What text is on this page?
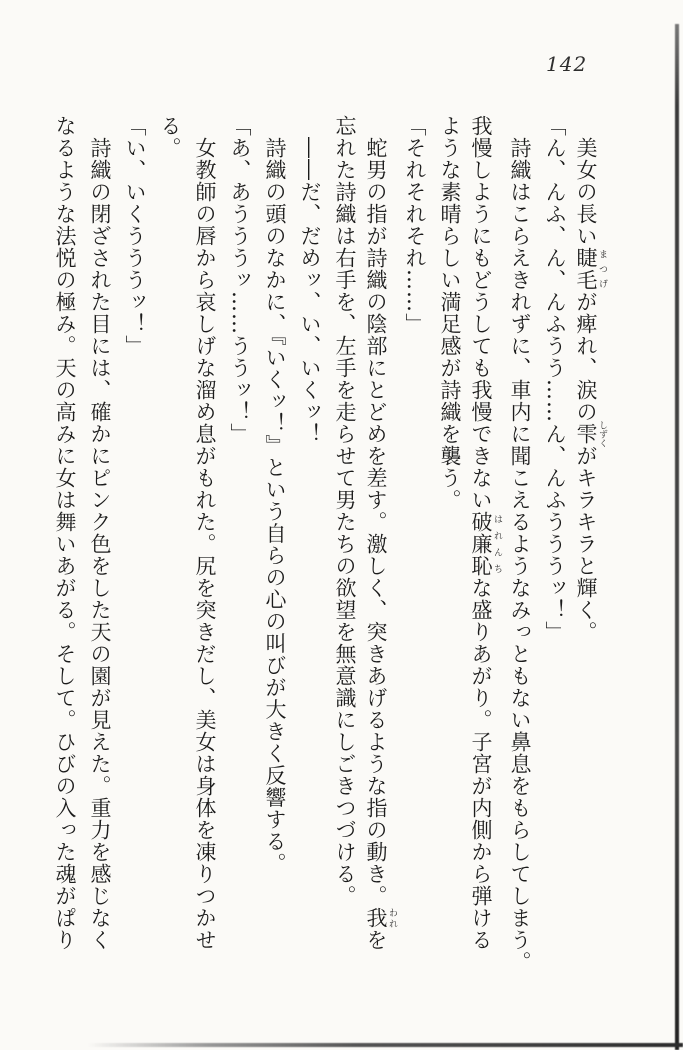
142
美女の長い睫毛 まつげが痺れ、涙の雫 しずくがキラキラと輝く。
「ん、んふ、ん、んふうう……ん、んふうううッ！」
詩織はこらえきれずに、車内に聞こえるようなみっともない鼻息をもらしてしまう。
我慢しようにもどうしても我慢できない破廉恥 はれんちな盛りあがり。子宮が内側から弾ける
ような素晴らしい満足感が詩織を襲う。
「それそれそれ……」
蛇男の指が詩織の陰部にとどめを差す。激しく、突きあげるような指の動き。我 われを
忘れた詩織は右手を、左手を走らせて男たちの欲望を無意識にしごきつづける。
――だ、だめッ、い、いくッ！
詩織の頭のなかに、『いくッ！』という自らの心の叫びが大きく反響する。
「あ、あうううッ……ううッ！」
女教師の唇から哀しげな溜め息がもれた。尻を突きだし、美女は身体を凍りつかせ
る。
「い、いくうううッ！」
詩織の閉ざされた目には、確かにピンク色をした天の園が見えた。重力を感じなく
なるような法悦の極み。天の高みに女は舞いあがる。そして。ひびの入った魂がぱり
